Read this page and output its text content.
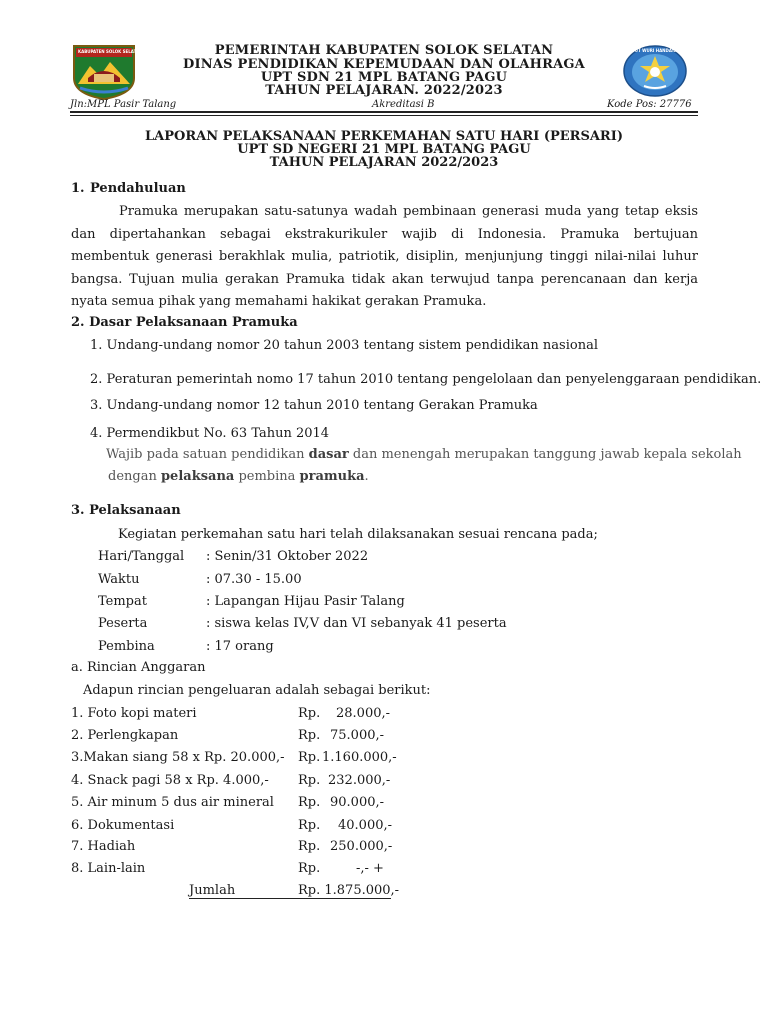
KABUPATEN SOLOK SELATAN	TUT WURI HANDAYANI
PEMERINTAH KABUPATEN SOLOK SELATAN
DINAS PENDIDIKAN KEPEMUDAAN DAN OLAHRAGA
UPT SDN 21 MPL BATANG PAGU
TAHUN PELAJARAN. 2022/2023
Jln:MPL Pasir Talang	Akreditasi B	Kode Pos: 27776
LAPORAN PELAKSANAAN PERKEMAHAN SATU HARI (PERSARI)
UPT SD NEGERI 21 MPL BATANG PAGU
TAHUN PELAJARAN 2022/2023
1. Pendahuluan

Pramuka merupakan satu-satunya wadah pembinaan generasi muda yang tetap eksis dan dipertahankan sebagai ekstrakurikuler wajib di Indonesia. Pramuka bertujuan membentuk generasi berakhlak mulia, patriotik, disiplin, menjunjung tinggi nilai-nilai luhur bangsa. Tujuan mulia gerakan Pramuka tidak akan terwujud tanpa perencanaan dan kerja nyata semua pihak yang memahami hakikat gerakan Pramuka.

2. Dasar Pelaksanaan Pramuka
1. Undang-undang nomor 20 tahun 2003 tentang sistem pendidikan nasional
2. Peraturan pemerintah nomo 17 tahun 2010 tentang pengelolaan dan penyelenggaraan pendidikan.
3. Undang-undang nomor 12 tahun 2010 tentang Gerakan Pramuka
4. Permendikbut No. 63 Tahun 2014
Wajib pada satuan pendidikan dasar dan menengah merupakan tanggung jawab kepala sekolah
dengan pelaksana pembina pramuka.
3. Pelaksanaan
Kegiatan perkemahan satu hari telah dilaksanakan sesuai rencana pada;
Hari/Tanggal : Senin/31 Oktober 2022
Waktu	: 07.30 - 15.00
Tempat	: Lapangan Hijau Pasir Talang
Peserta	: siswa kelas IV,V dan VI sebanyak 41 peserta
Pembina	: 17 orang
a. Rincian Anggaran
Adapun rincian pengeluaran adalah sebagai berikut:
1. Foto kopi materi	Rp. 28.000,-
2. Perlengkapan	Rp. 75.000,-
3.Makan siang 58 x Rp. 20.000,- Rp. 1.160.000,-
4. Snack pagi 58 x Rp. 4.000,- Rp. 232.000,-
5. Air minum 5 dus air mineral Rp. 90.000,-
6. Dokumentasi	Rp. 40.000,-
7. Hadiah	Rp. 250.000,-
8. Lain-lain	Rp.	-,- +
Jumlah	Rp. 1.875.000,-
